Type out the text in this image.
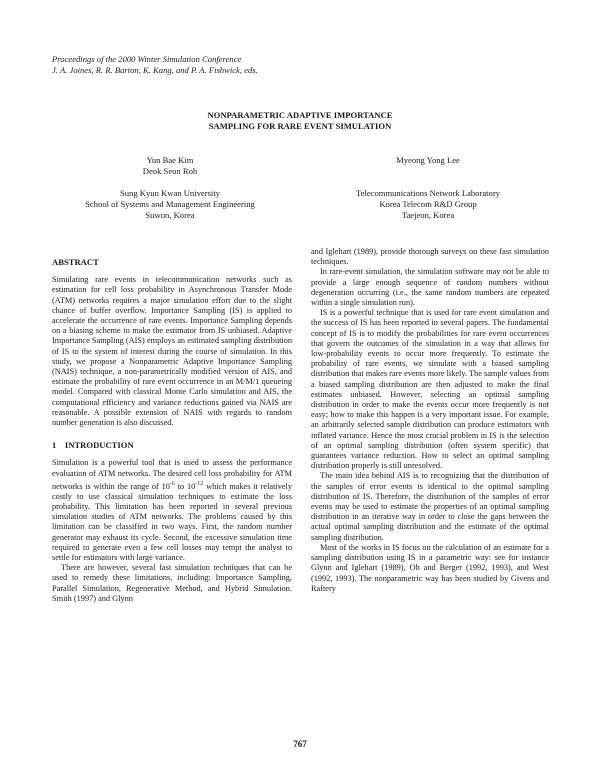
Proceedings of the 2000 Winter Simulation Conference
J. A. Joines, R. R. Barton, K. Kang, and P. A. Fishwick, eds.
NONPARAMETRIC ADAPTIVE IMPORTANCE
SAMPLING FOR RARE EVENT SIMULATION
Yun Bae Kim
Deok Seon Roh
Sung Kyun Kwan University
School of Systems and Management Engineering
Suwon, Korea
Myeong Yong Lee
Telecommunications Network Laboratory
Korea Telecom R&D Group
Taejeon, Korea
ABSTRACT

Simulating rare events in telecommunication networks such as estimation for cell loss probability in Asynchronous Transfer Mode (ATM) networks requires a major simulation effort due to the slight chance of buffer overflow. Importance Sampling (IS) is applied to accelerate the occurrence of rare events. Importance Sampling depends on a biasing scheme to make the estimator from IS unbiased. Adaptive Importance Sampling (AIS) employs an estimated sampling distribution of IS to the system of interest during the course of simulation. In this study, we propose a Nonparametric Adaptive Importance Sampling (NAIS) technique, a non-parametrically modified version of AIS, and estimate the probability of rare event occurrence in an M/M/1 queueing model. Compared with classical Monte Carlo simulation and AIS, the computational efficiency and variance reductions gained via NAIS are reasonable. A possible extension of NAIS with regards to random number generation is also discussed.

1 INTRODUCTION

Simulation is a powerful tool that is used to assess the performance evaluation of ATM networks. The desired cell loss probability for ATM networks is within the range of $10^{-6}$ to $10^{-12}$ which makes it relatively costly to use classical simulation techniques to estimate the loss probability. This limitation has been reported in several previous simulation studies of ATM networks. The problems caused by this limitation can be classified in two ways. First, the random number generator may exhaust its cycle. Second, the excessive simulation time required to generate even a few cell losses may tempt the analyst to settle for estimators with large variance.

There are however, several fast simulation techniques that can be used to remedy these limitations, including: Importance Sampling, Parallel Simulation, Regenerative Method, and Hybrid Simulation. Smith (1997) and Glynn

and Iglehart (1989), provide thorough surveys on these fast simulation techniques.

In rare-event simulation, the simulation software may not be able to provide a large enough sequence of random numbers without degeneration occurring (i.e., the same random numbers are repeated within a single simulation run).

IS is a powerful technique that is used for rare event simulation and the success of IS has been reported in several papers. The fundamental concept of IS is to modify the probabilities for rare event occurrences that govern the outcomes of the simulation in a way that allows for low-probability events to occur more frequently. To estimate the probability of rare events, we simulate with a biased sampling distribution that makes rare events more likely. The sample values from a biased sampling distribution are then adjusted to make the final estimates unbiased. However, selecting an optimal sampling distribution in order to make the events occur more frequently is not easy; how to make this happen is a very important issue. For example, an arbitrarily selected sample distribution can produce estimators with inflated variance. Hence the most crucial problem in IS is the selection of an optimal sampling distribution (often system specific) that guarantees variance reduction. How to select an optimal sampling distribution properly is still unresolved.

The main idea behind AIS is to recognizing that the distribution of the samples of error events is identical to the optimal sampling distribution of IS. Therefore, the distribution of the samples of error events may be used to estimate the properties of an optimal sampling distribution in an iterative way in order to close the gaps between the actual optimal sampling distribution and the estimate of the optimal sampling distribution.

Most of the works in IS focus on the calculation of an estimate for a sampling distribution using IS in a parametric way: see for instance Glynn and Iglehart (1989), Oh and Berger (1992, 1993), and West (1992, 1993). The nonparametric way has been studied by Givens and Raftery

767
